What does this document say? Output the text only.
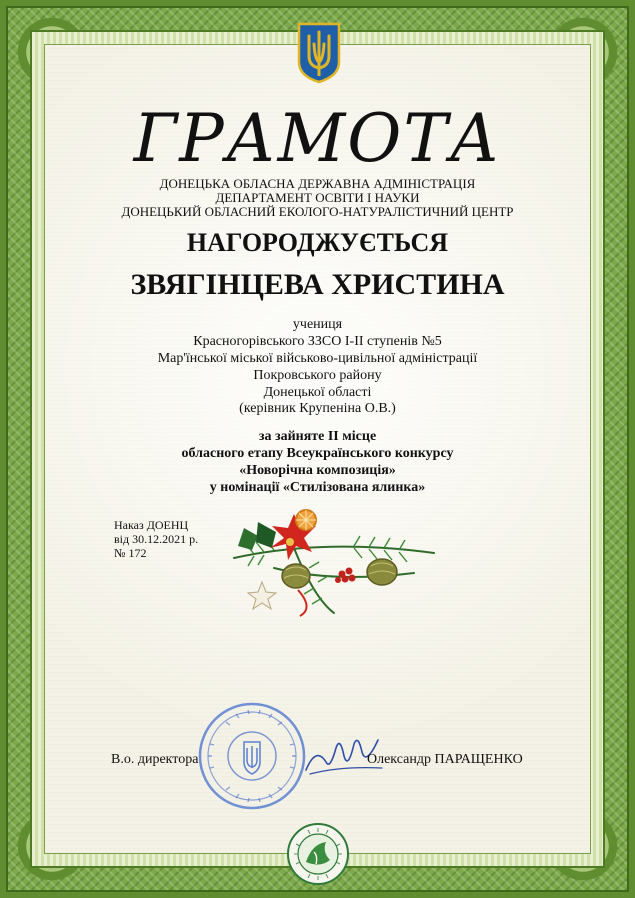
ГРАМОТА
ДОНЕЦЬКА ОБЛАСНА ДЕРЖАВНА АДМІНІСТРАЦІЯ
ДЕПАРТАМЕНТ ОСВІТИ І НАУКИ
ДОНЕЦЬКИЙ ОБЛАСНИЙ ЕКОЛОГО-НАТУРАЛІСТИЧНИЙ ЦЕНТР
НАГОРОДЖУЄТЬСЯ
ЗВЯГІНЦЕВА ХРИСТИНА
учениця
Красногорівського ЗЗСО І-ІІ ступенів №5
Мар'їнської міської військово-цивільної адміністрації
Покровського району
Донецької області
(керівник Крупеніна О.В.)
за зайняте ІІ місце
обласного етапу Всеукраїнського конкурсу
«Новорічна композиція»
у номінації «Стилізована ялинка»
Наказ ДОЕНЦ
від 30.12.2021 р.
№ 172
В.о. директора	Олександр ПАРАЩЕНКО
